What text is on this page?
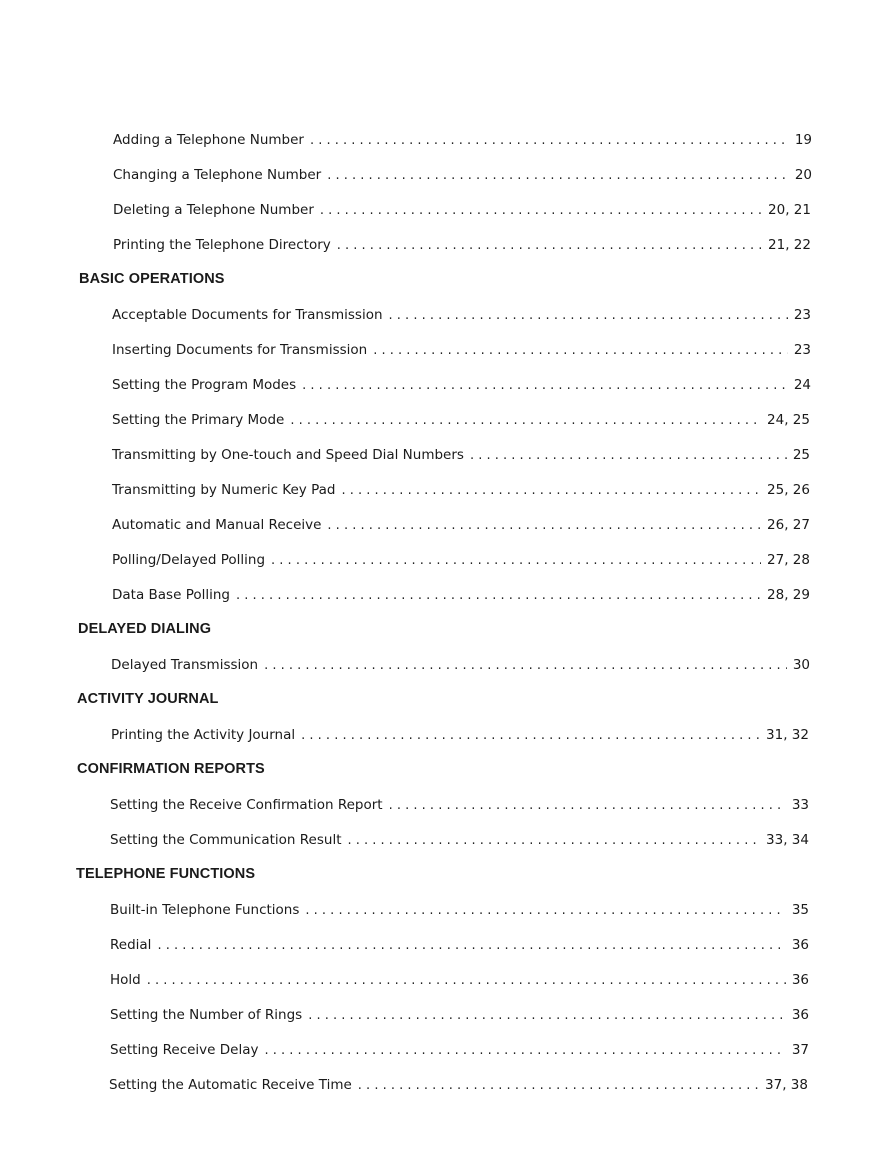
Adding a Telephone Number . . .	19
Changing a Telephone Number . . .	20
Deleting a Telephone Number . . .	20, 21
Printing the Telephone Directory . . .	21, 22
BASIC OPERATIONS
Acceptable Documents for Transmission . . .	23
Inserting Documents for Transmission . . .	23
Setting the Program Modes . . .	24
Setting the Primary Mode . . .	24, 25
Transmitting by One-touch and Speed Dial Numbers . . .	25
Transmitting by Numeric Key Pad . . .	25, 26
Automatic and Manual Receive . . .	26, 27
Polling/Delayed Polling . . .	27, 28
Data Base Polling . . .	28, 29
DELAYED DIALING
Delayed Transmission . . .	30
ACTIVITY JOURNAL
Printing the Activity Journal . . .	31, 32
CONFIRMATION REPORTS
Setting the Receive Confirmation Report . . .	33
Setting the Communication Result . . .	33, 34
TELEPHONE FUNCTIONS
Built-in Telephone Functions . . .	35
Redial . . .	36
Hold . . .	36
Setting the Number of Rings . . .	36
Setting Receive Delay . . .	37
Setting the Automatic Receive Time . . .	37, 38
